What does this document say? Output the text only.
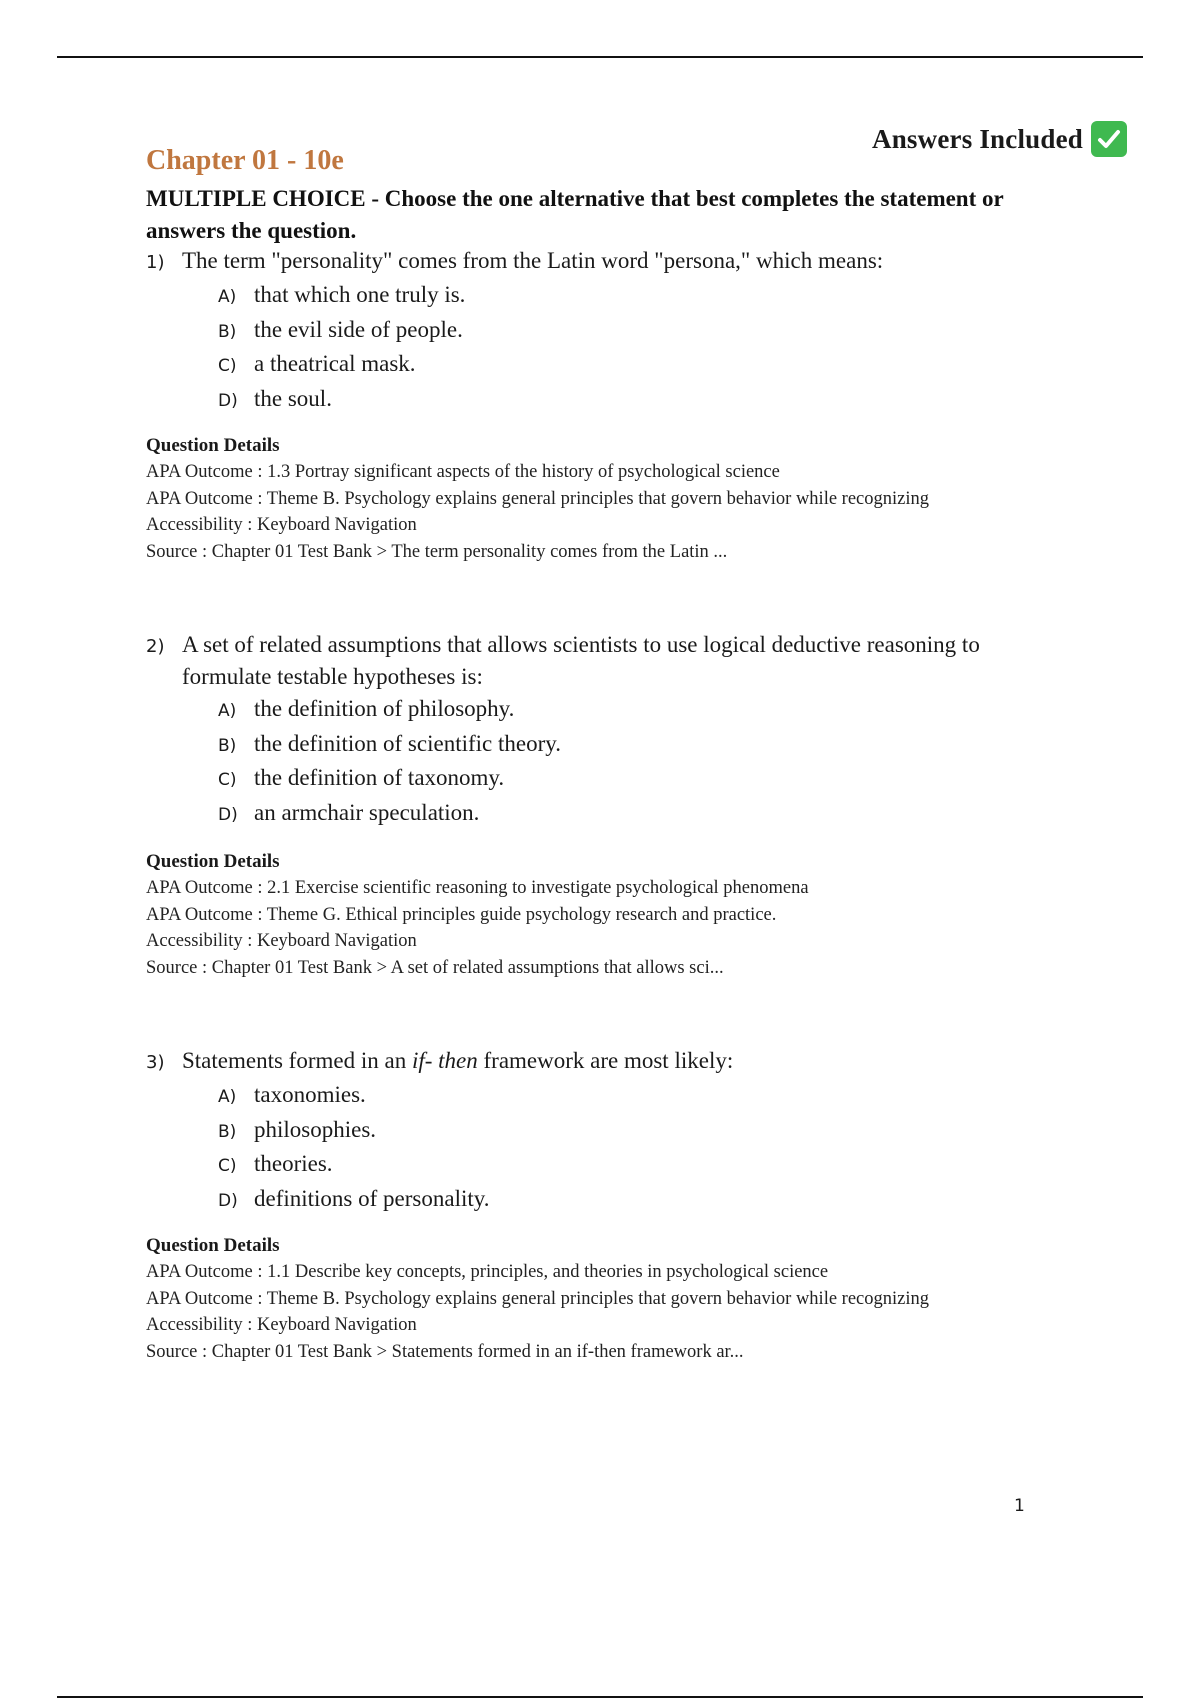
Answers Included
Chapter 01 - 10e
MULTIPLE CHOICE - Choose the one alternative that best completes the statement or answers the question.
1) The term "personality" comes from the Latin word "persona," which means:
A) that which one truly is.
B) the evil side of people.
C) a theatrical mask.
D) the soul.
Question Details
APA Outcome : 1.3 Portray significant aspects of the history of psychological science
APA Outcome : Theme B. Psychology explains general principles that govern behavior while recognizing
Accessibility : Keyboard Navigation
Source : Chapter 01 Test Bank > The term personality comes from the Latin ...
2) A set of related assumptions that allows scientists to use logical deductive reasoning to
formulate testable hypotheses is:
A) the definition of philosophy.
B) the definition of scientific theory.
C) the definition of taxonomy.
D) an armchair speculation.
Question Details
APA Outcome : 2.1 Exercise scientific reasoning to investigate psychological phenomena
APA Outcome : Theme G. Ethical principles guide psychology research and practice.
Accessibility : Keyboard Navigation
Source : Chapter 01 Test Bank > A set of related assumptions that allows sci...
3) Statements formed in an if- then framework are most likely:
A) taxonomies.
B) philosophies.
C) theories.
D) definitions of personality.
Question Details
APA Outcome : 1.1 Describe key concepts, principles, and theories in psychological science
APA Outcome : Theme B. Psychology explains general principles that govern behavior while recognizing
Accessibility : Keyboard Navigation
Source : Chapter 01 Test Bank > Statements formed in an if-then framework ar...
1
